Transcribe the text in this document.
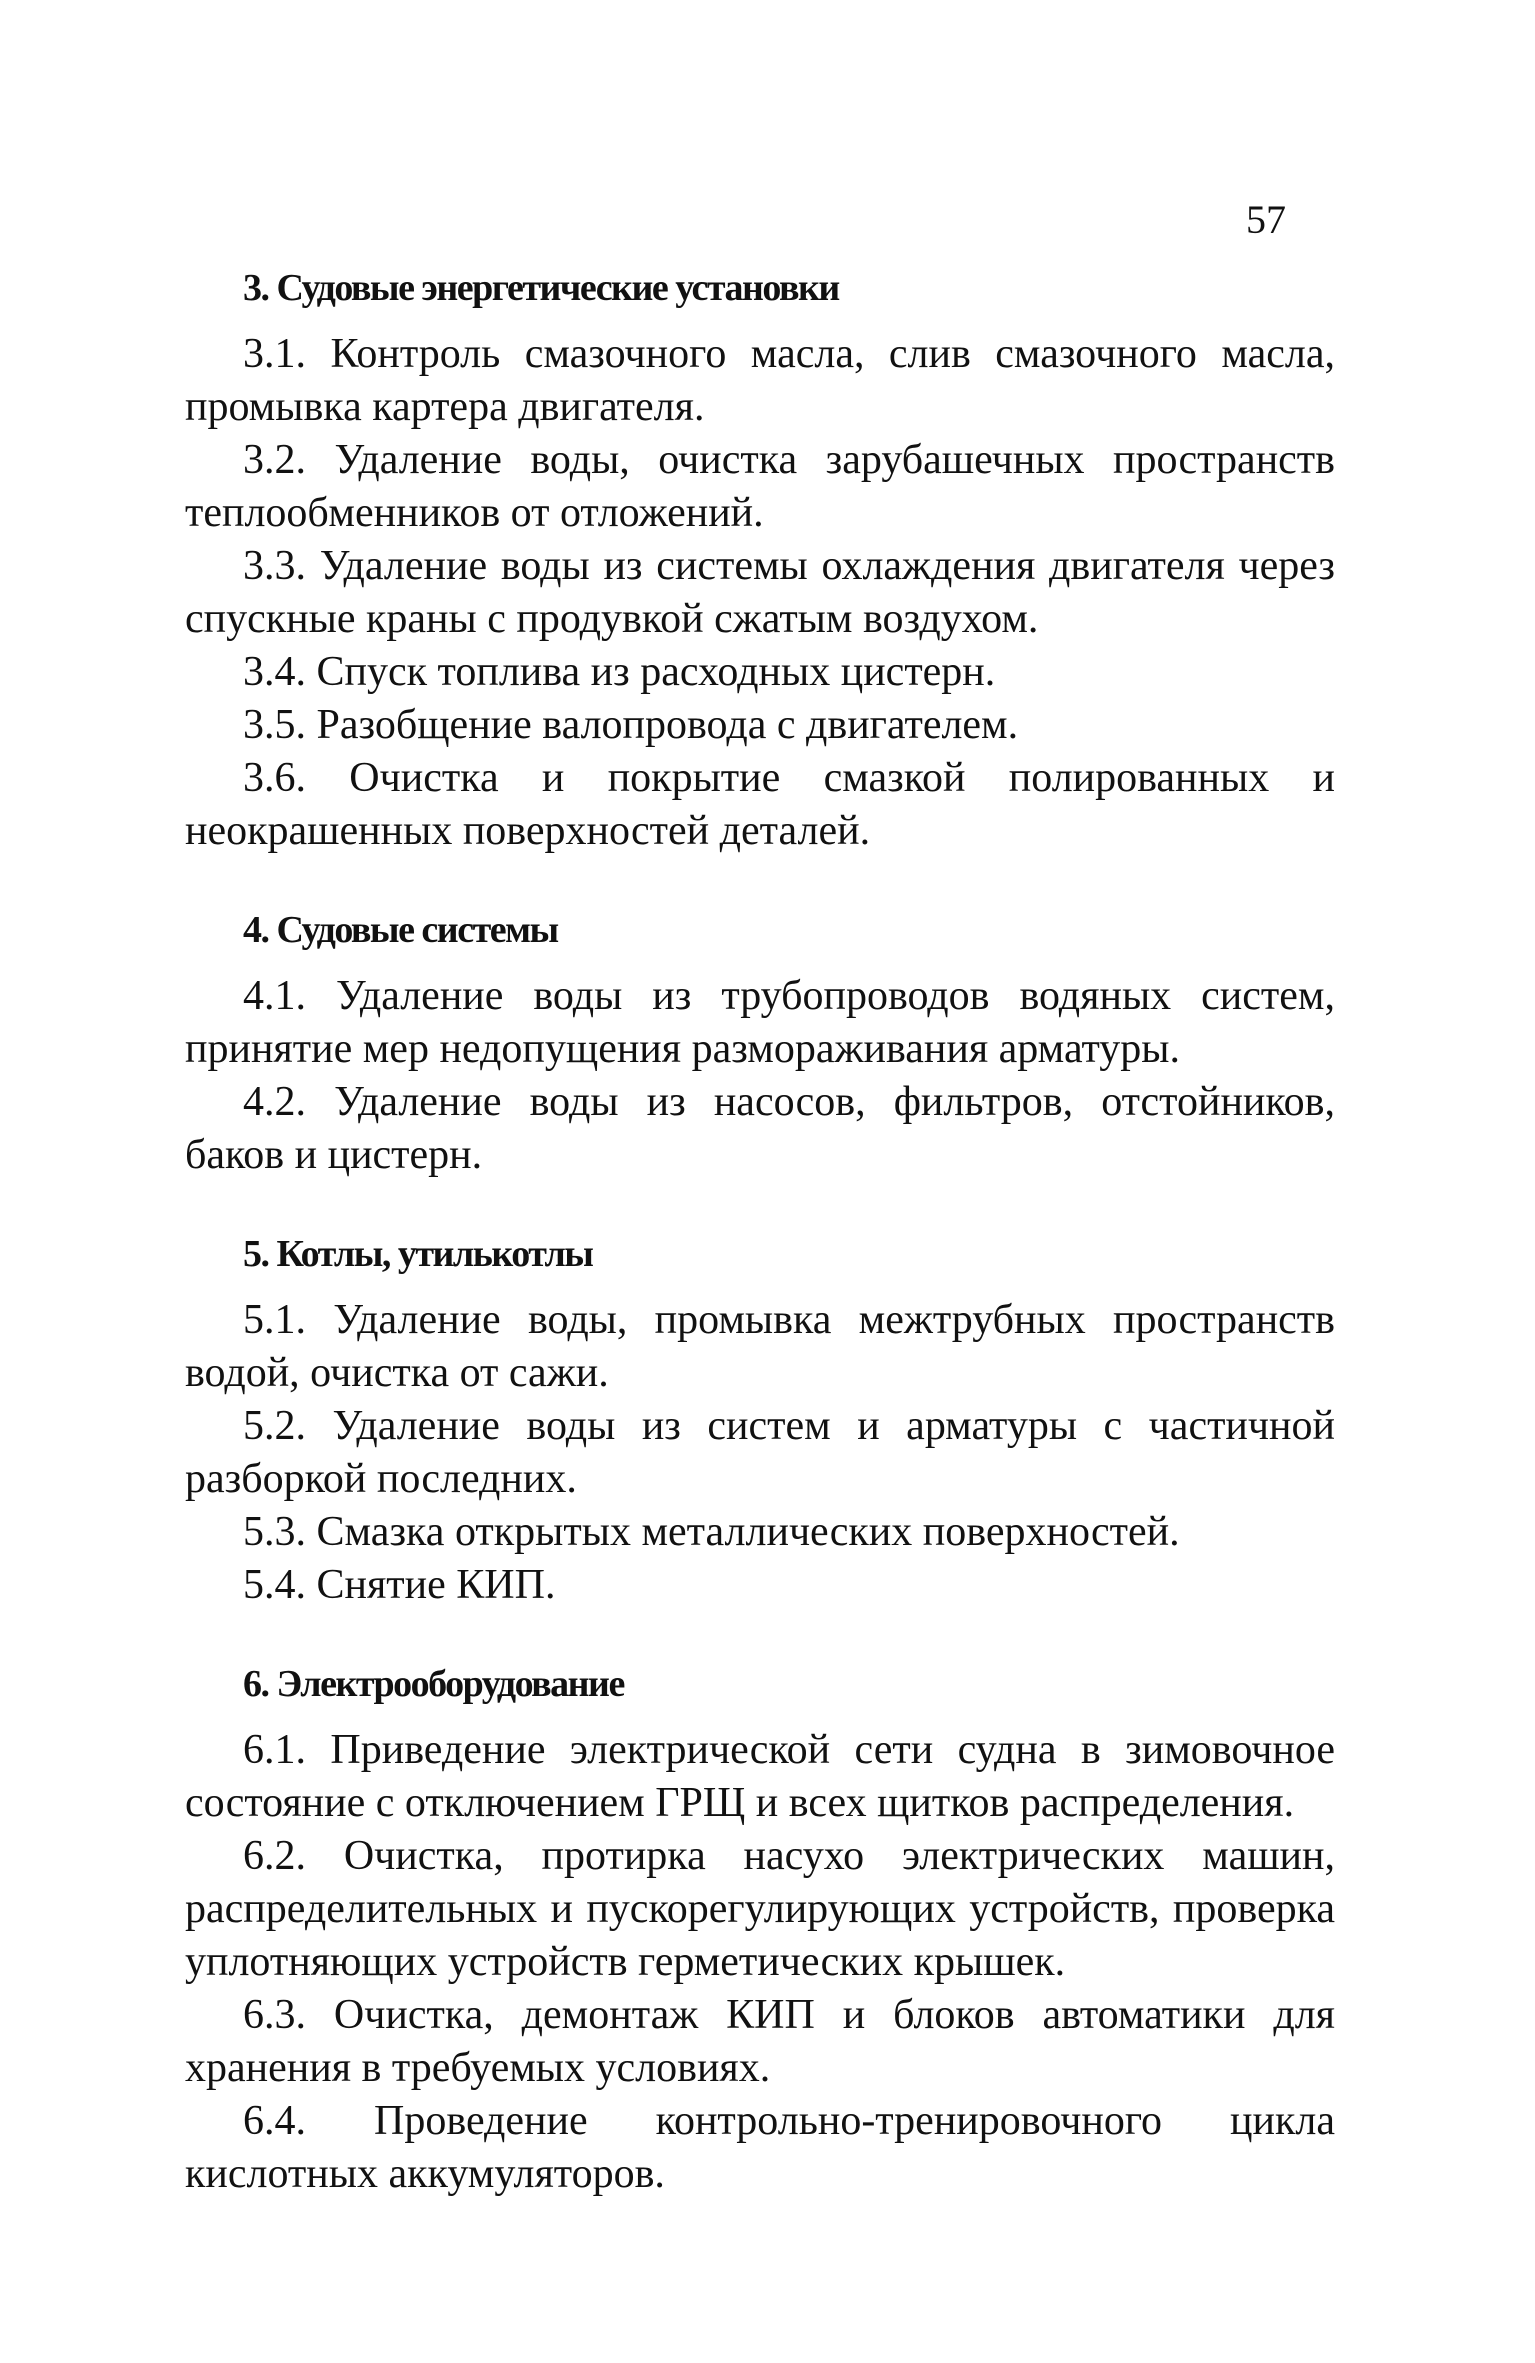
57
3. Судовые энергетические установки

3.1. Контроль смазочного масла, слив смазочного масла, промывка картера двигателя.

3.2. Удаление воды, очистка зарубашечных пространств теплообменников от отложений.

3.3. Удаление воды из системы охлаждения двигателя через спускные краны с продувкой сжатым воздухом.

3.4. Спуск топлива из расходных цистерн.

3.5. Разобщение валопровода с двигателем.

3.6. Очистка и покрытие смазкой полированных и неокрашенных поверхностей деталей.

4. Судовые системы

4.1. Удаление воды из трубопроводов водяных систем, принятие мер недопущения размораживания арматуры.

4.2. Удаление воды из насосов, фильтров, отстойников, баков и цистерн.

5. Котлы, утилькотлы

5.1. Удаление воды, промывка межтрубных пространств водой, очистка от сажи.

5.2. Удаление воды из систем и арматуры с частичной разборкой последних.

5.3. Смазка открытых металлических поверхностей.

5.4. Снятие КИП.

6. Электрооборудование

6.1. Приведение электрической сети судна в зимовочное состояние с отключением ГРЩ и всех щитков распределения.

6.2. Очистка, протирка насухо электрических машин, распределительных и пускорегулирующих устройств, проверка уплотняющих устройств герметических крышек.

6.3. Очистка, демонтаж КИП и блоков автоматики для хранения в требуемых условиях.

6.4. Проведение контрольно-тренировочного цикла кислотных аккумуляторов.
